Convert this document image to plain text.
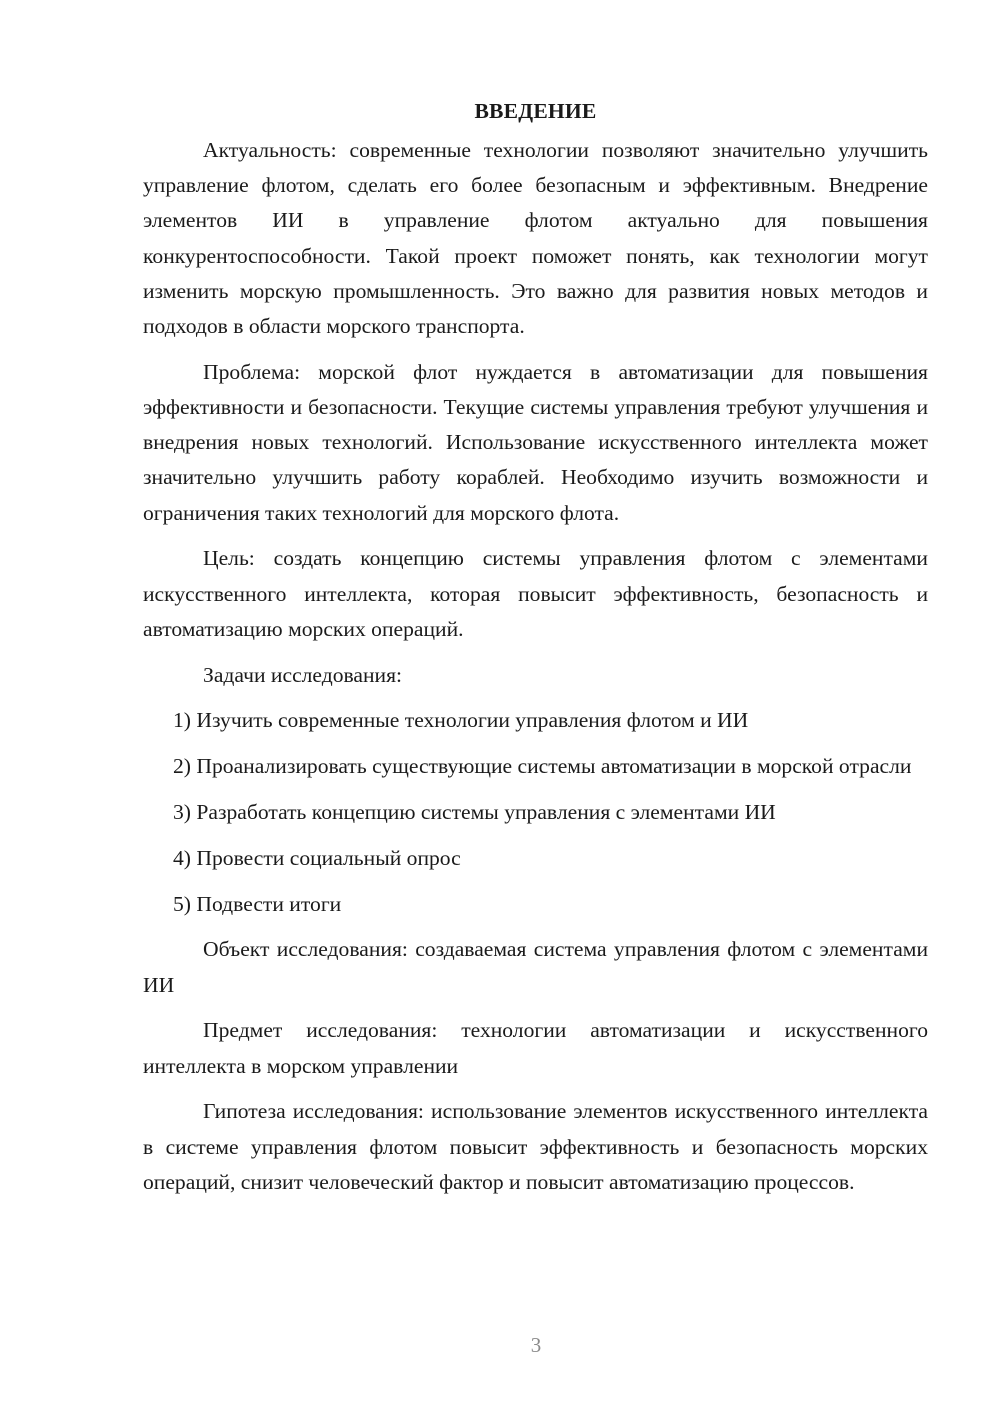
ВВЕДЕНИЕ

Актуальность: современные технологии позволяют значительно улучшить управление флотом, сделать его более безопасным и эффективным. Внедрение элементов ИИ в управление флотом актуально для повышения конкурентоспособности. Такой проект поможет понять, как технологии могут изменить морскую промышленность. Это важно для развития новых методов и подходов в области морского транспорта.

Проблема: морской флот нуждается в автоматизации для повышения эффективности и безопасности. Текущие системы управления требуют улучшения и внедрения новых технологий. Использование искусственного интеллекта может значительно улучшить работу кораблей. Необходимо изучить возможности и ограничения таких технологий для морского флота.

Цель: создать концепцию системы управления флотом с элементами искусственного интеллекта, которая повысит эффективность, безопасность и автоматизацию морских операций.

Задачи исследования:

1) Изучить современные технологии управления флотом и ИИ

2) Проанализировать существующие системы автоматизации в морской отрасли

3) Разработать концепцию системы управления с элементами ИИ

4) Провести социальный опрос

5) Подвести итоги

Объект исследования: создаваемая система управления флотом с элементами ИИ

Предмет исследования: технологии автоматизации и искусственного интеллекта в морском управлении

Гипотеза исследования: использование элементов искусственного интеллекта в системе управления флотом повысит эффективность и безопасность морских операций, снизит человеческий фактор и повысит автоматизацию процессов.

3
